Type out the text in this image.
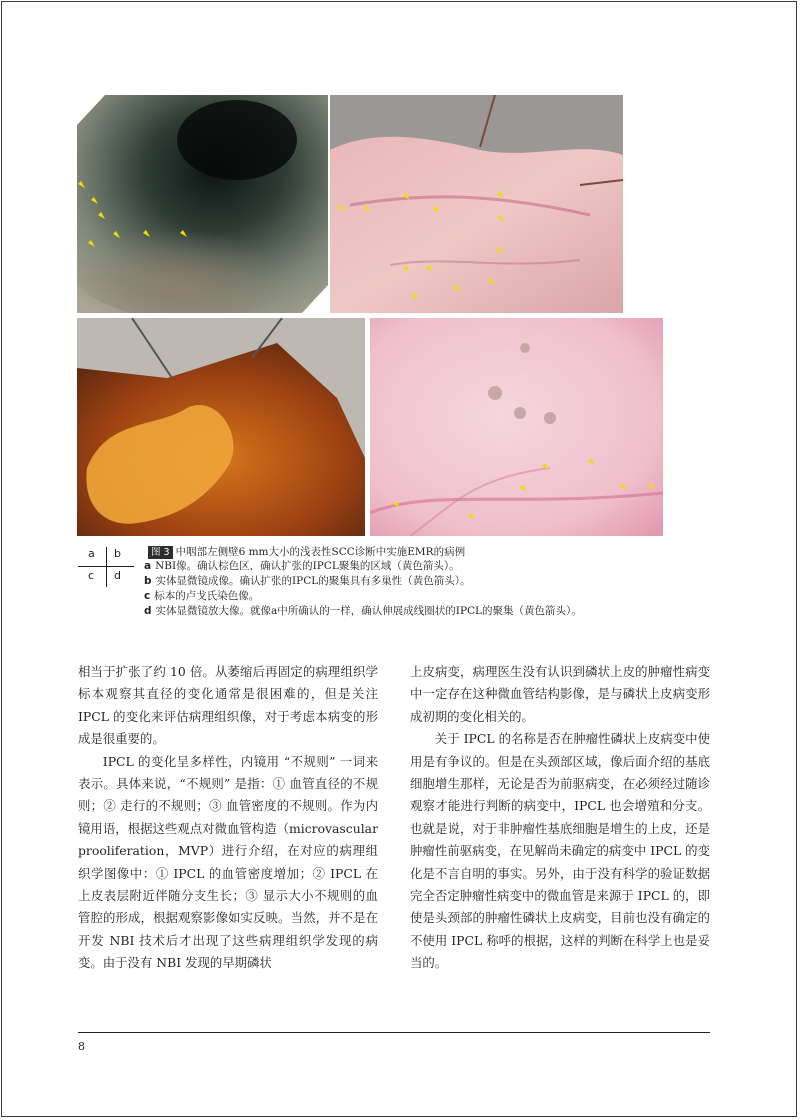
a b
c d
图 3 中咽部左侧壁6 mm大小的浅表性SCC诊断中实施EMR的病例
a NBI像。确认棕色区，确认扩张的IPCL聚集的区域（黄色箭头）。
b 实体显微镜成像。确认扩张的IPCL的聚集具有多巢性（黄色箭头）。
c 标本的卢戈氏染色像。
d 实体显微镜放大像。就像a中所确认的一样，确认伸展成线圈状的IPCL的聚集（黄色箭头）。

相当于扩张了约 10 倍。从萎缩后再固定的病理组织学标本观察其直径的变化通常是很困难的，但是关注 IPCL 的变化来评估病理组织像，对于考虑本病变的形成是很重要的。

IPCL 的变化呈多样性，内镜用 “不规则” 一词来表示。具体来说，“不规则” 是指：① 血管直径的不规则；② 走行的不规则；③ 血管密度的不规则。作为内镜用语，根据这些观点对微血管构造（microvascular prooliferation，MVP）进行介绍，在对应的病理组织学图像中：① IPCL 的血管密度增加；② IPCL 在上皮表层附近伴随分支生长；③ 显示大小不规则的血管腔的形成，根据观察影像如实反映。当然，并不是在开发 NBI 技术后才出现了这些病理组织学发现的病变。由于没有 NBI 发现的早期磷状

上皮病变，病理医生没有认识到磷状上皮的肿瘤性病变中一定存在这种微血管结构影像，是与磷状上皮病变形成初期的变化相关的。

关于 IPCL 的名称是否在肿瘤性磷状上皮病变中使用是有争议的。但是在头颈部区域，像后面介绍的基底细胞增生那样，无论是否为前驱病变，在必须经过随诊观察才能进行判断的病变中，IPCL 也会增殖和分支。也就是说，对于非肿瘤性基底细胞是增生的上皮，还是肿瘤性前驱病变，在见解尚未确定的病变中 IPCL 的变化是不言自明的事实。另外，由于没有科学的验证数据完全否定肿瘤性病变中的微血管是来源于 IPCL 的，即使是头颈部的肿瘤性磷状上皮病变，目前也没有确定的不使用 IPCL 称呼的根据，这样的判断在科学上也是妥当的。

8
